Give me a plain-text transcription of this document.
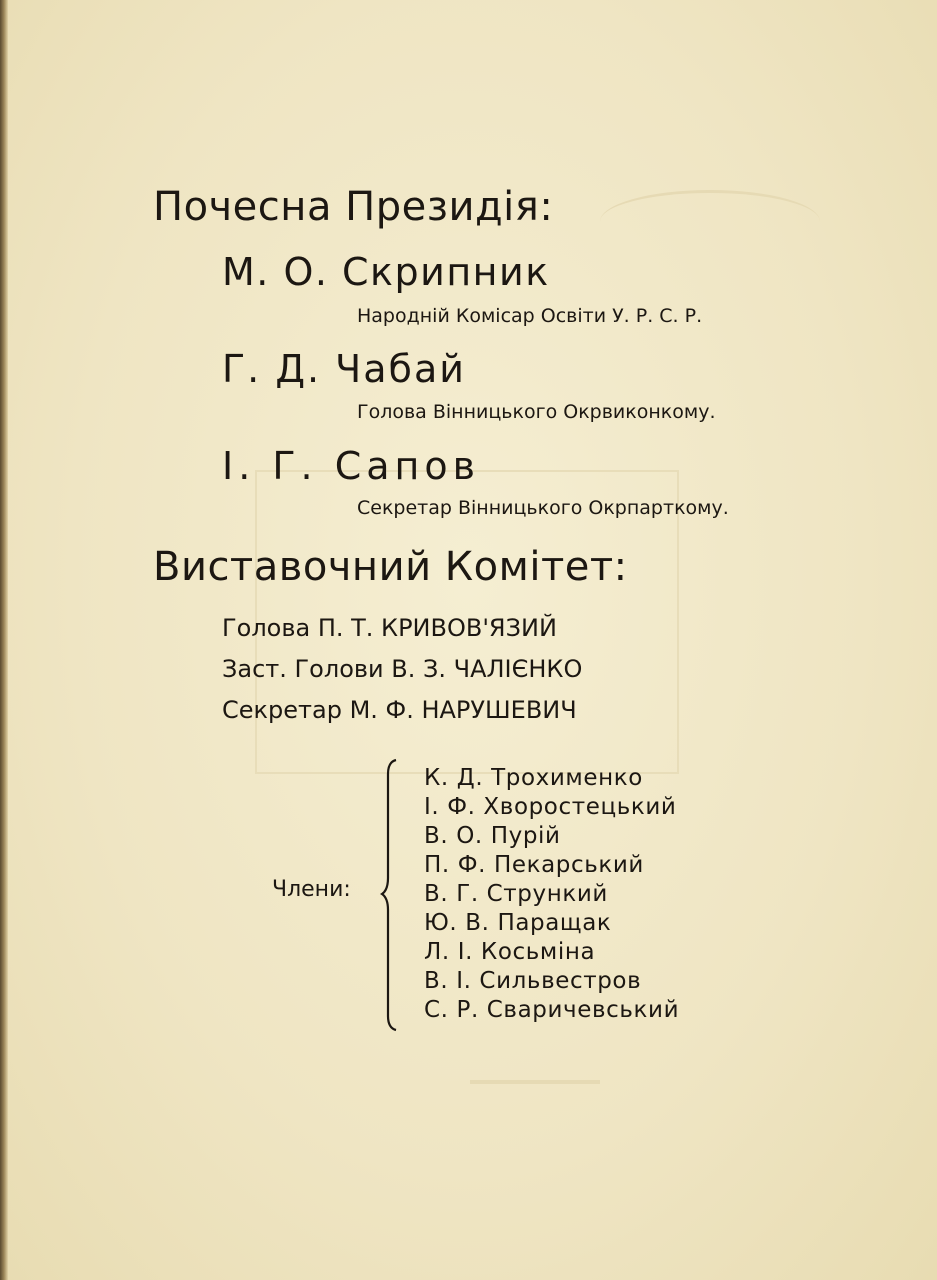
Почесна Президія:
М. О. Скрипник
Народній Комісар Освіти У. Р. С. Р.
Г. Д. Чабай
Голова Вінницького Окрвиконкому.
І. Г. Сапов
Секретар Вінницького Окрпарткому.
Виставочний Комітет:
Голова П. Т. КРИВОВ'ЯЗИЙ
Заст. Голови В. З. ЧАЛІЄНКО
Секретар М. Ф. НАРУШЕВИЧ
Члени:
К. Д. Трохименко
І. Ф. Хворостецький
В. О. Пурій
П. Ф. Пекарський
В. Г. Стрункий
Ю. В. Паращак
Л. І. Косьміна
В. І. Сильвестров
С. Р. Сваричевський
